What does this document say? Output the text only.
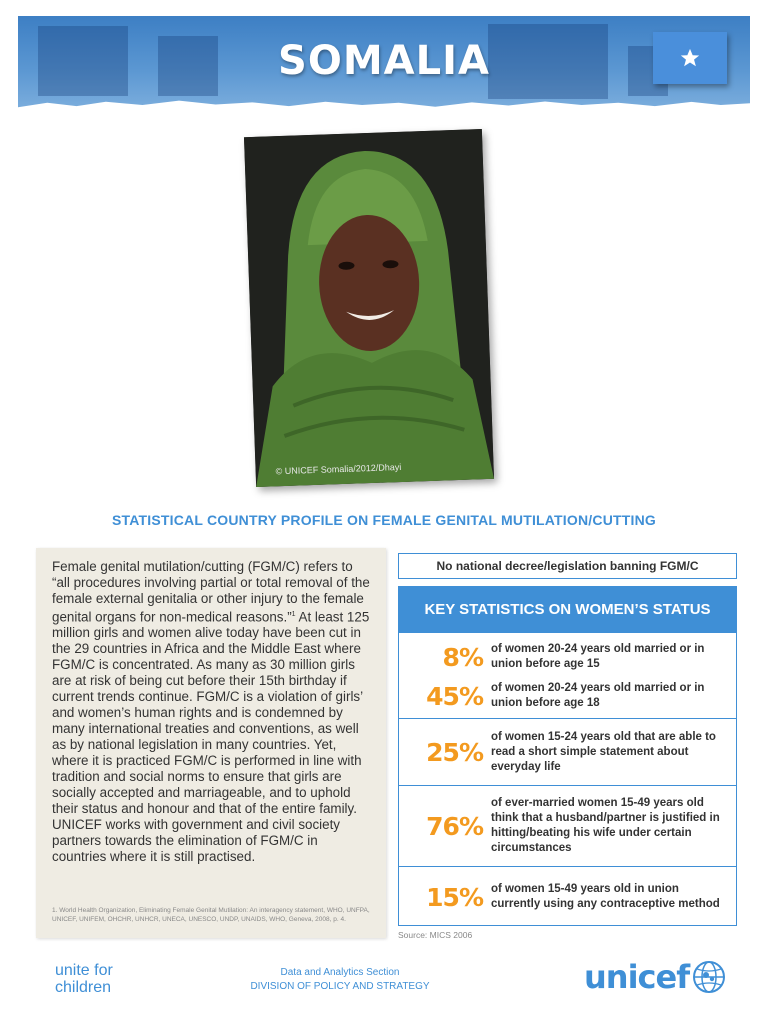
SOMALIA
© UNICEF Somalia/2012/Dhayi
STATISTICAL COUNTRY PROFILE ON FEMALE GENITAL MUTILATION/CUTTING
Female genital mutilation/cutting (FGM/C) refers to “all procedures involving partial or total removal of the female external genitalia or other injury to the female genital organs for non-medical reasons.”$^1$ At least 125 million girls and women alive today have been cut in the 29 countries in Africa and the Middle East where FGM/C is concentrated. As many as 30 million girls are at risk of being cut before their 15th birthday if current trends continue. FGM/C is a violation of girls’ and women’s human rights and is condemned by many international treaties and conventions, as well as by national legislation in many countries. Yet, where it is practiced FGM/C is performed in line with tradition and social norms to ensure that girls are socially accepted and marriageable, and to uphold their status and honour and that of the entire family. UNICEF works with government and civil society partners towards the elimination of FGM/C in countries where it is still practised.
1. World Health Organization, Eliminating Female Genital Mutilation: An interagency statement, WHO, UNFPA, UNICEF, UNIFEM, OHCHR, UNHCR, UNECA, UNESCO, UNDP, UNAIDS, WHO, Geneva, 2008, p. 4.
No national decree/legislation banning FGM/C
KEY STATISTICS ON WOMEN’S STATUS
8% of women 20-24 years old married or in union before age 15
45% of women 20-24 years old married or in union before age 18
25%
of women 15-24 years old that are able to read a short simple statement about everyday life
76%
of ever-married women 15-49 years old think that a husband/partner is justified in hitting/beating his wife under certain circumstances
15% of women 15-49 years old in union currently using any contraceptive method
Source: MICS 2006
unite for
children
Data and Analytics Section
DIVISION OF POLICY AND STRATEGY	unicef
